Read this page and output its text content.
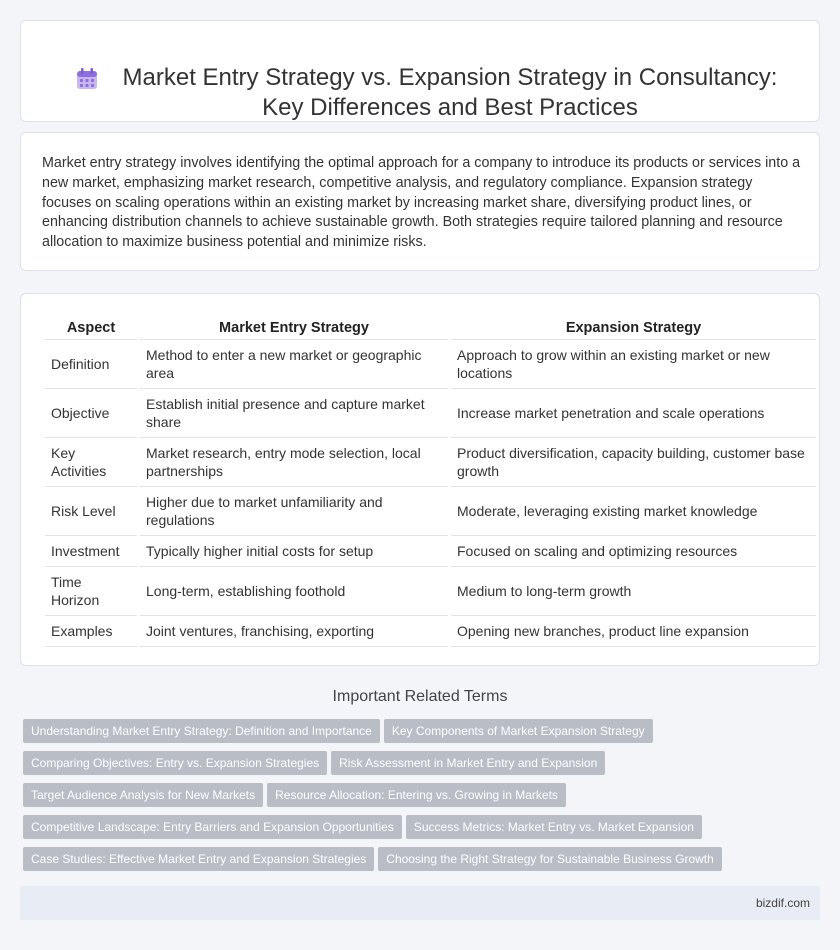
Market Entry Strategy vs. Expansion Strategy in Consultancy: Key Differences and Best Practices

Market entry strategy involves identifying the optimal approach for a company to introduce its products or services into a new market, emphasizing market research, competitive analysis, and regulatory compliance. Expansion strategy focuses on scaling operations within an existing market by increasing market share, diversifying product lines, or enhancing distribution channels to achieve sustainable growth. Both strategies require tailored planning and resource allocation to maximize business potential and minimize risks.

Aspect	Market Entry Strategy	Expansion Strategy
Definition	Method to enter a new market or geographic area	Approach to grow within an existing market or new locations
Objective	Establish initial presence and capture market share	Increase market penetration and scale operations
Key Activities	Market research, entry mode selection, local partnerships	Product diversification, capacity building, customer base growth
Risk Level	Higher due to market unfamiliarity and regulations	Moderate, leveraging existing market knowledge
Investment	Typically higher initial costs for setup	Focused on scaling and optimizing resources
Time Horizon	Long-term, establishing foothold	Medium to long-term growth
Examples	Joint ventures, franchising, exporting	Opening new branches, product line expansion
Important Related Terms
Understanding Market Entry Strategy: Definition and Importance Key Components of Market Expansion Strategy
Comparing Objectives: Entry vs. Expansion Strategies Risk Assessment in Market Entry and Expansion
Target Audience Analysis for New Markets Resource Allocation: Entering vs. Growing in Markets
Competitive Landscape: Entry Barriers and Expansion Opportunities Success Metrics: Market Entry vs. Market Expansion
Case Studies: Effective Market Entry and Expansion Strategies Choosing the Right Strategy for Sustainable Business Growth
bizdif.com
